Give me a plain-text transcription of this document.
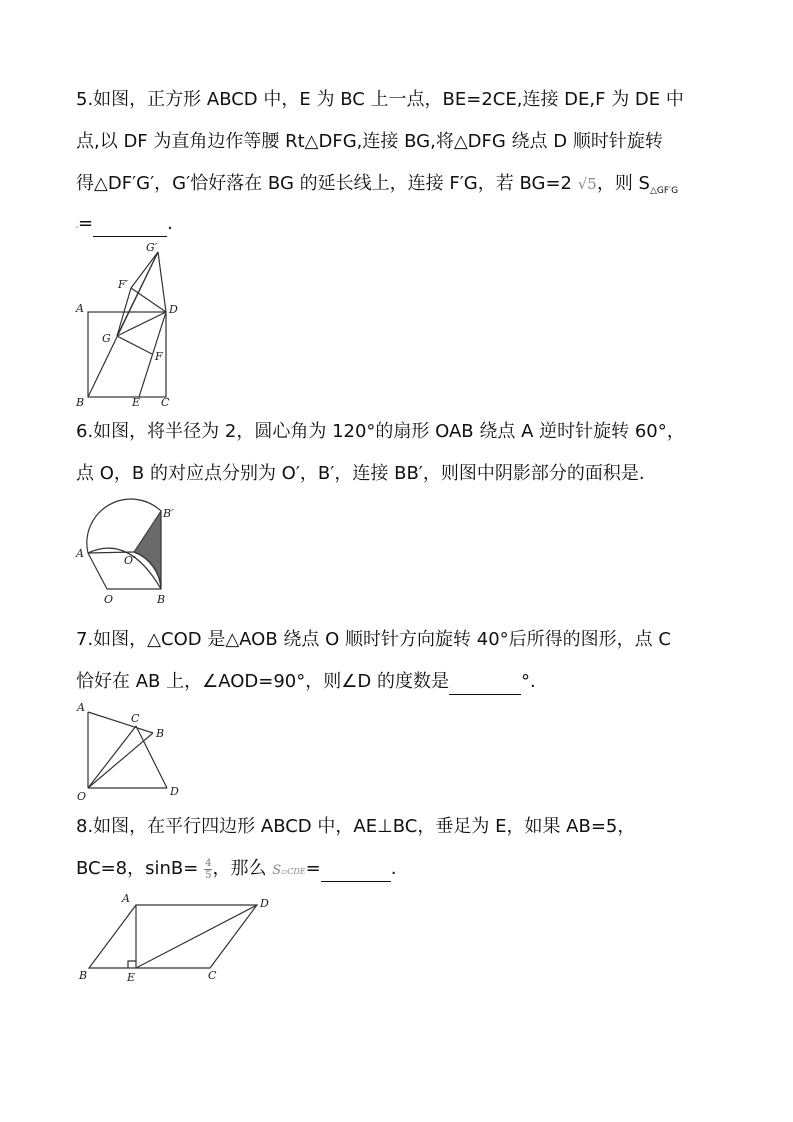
5.如图，正方形 ABCD 中，E 为 BC 上一点，BE=2CE,连接 DE,F 为 DE 中
点,以 DF 为直角边作等腰 Rt△DFG,连接 BG,将△DFG 绕点 D 顺时针旋转
得△DF′G′，G′恰好落在 BG 的延长线上，连接 F′G，若 BG=2 √5，则 $S_{\triangle GF'G}$
$'$=	.
G′
F′
A	D
G
F
B	E C
6.如图，将半径为 2，圆心角为 120°的扇形 OAB 绕点 A 逆时针旋转 60°，
点 O，B 的对应点分别为 O′，B′，连接 BB′，则图中阴影部分的面积是.
B′
A
O′
O	B
7.如图，△COD 是△AOB 绕点 O 顺时针方向旋转 40°后所得的图形，点 C
恰好在 AB 上，∠AOD=90°，则∠D 的度数是	°.
A
C
B
O	D
8.如图，在平行四边形 ABCD 中，AE⊥BC，垂足为 E，如果 AB=5，
BC=8，$\sin B= \frac{4}{5}$ ，那么 S▱CDE=	.
A	D
B	E	C
